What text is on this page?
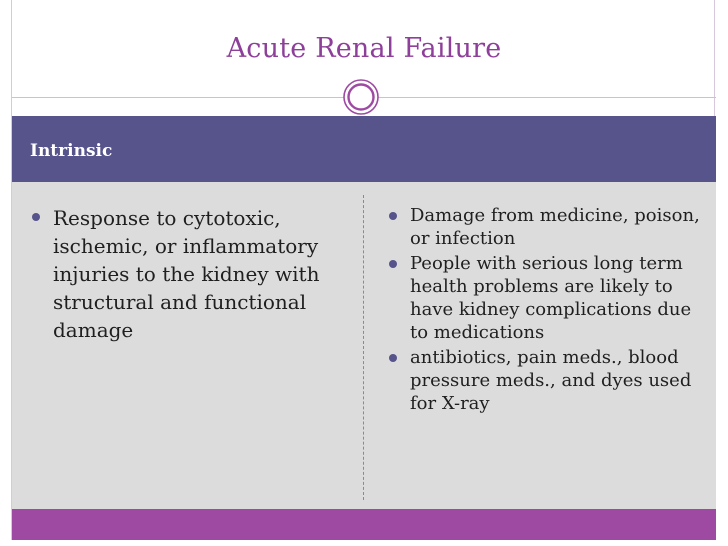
Acute Renal Failure
Intrinsic
Response to cytotoxic, ischemic, or inflammatory injuries to the kidney with structural and functional damage
Damage from medicine, poison, or infection
People with serious long term health problems are likely to have kidney complications due to medications
antibiotics, pain meds., blood pressure meds., and dyes used for X-ray
